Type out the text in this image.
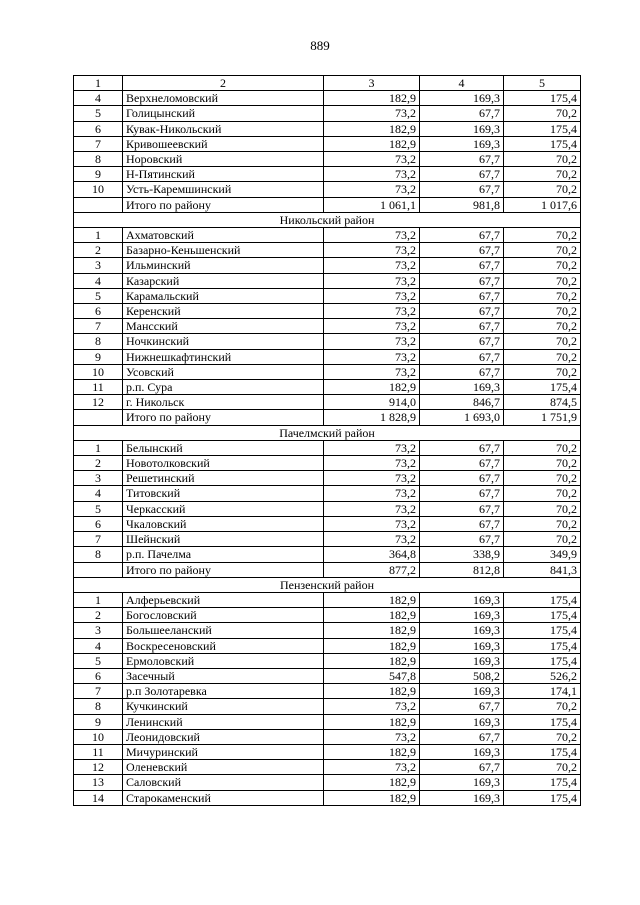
889
1	2	3	4	5
4	Верхнеломовский	182,9	169,3	175,4
5	Голицынский	73,2	67,7	70,2
6	Кувак-Никольский	182,9	169,3	175,4
7	Кривошеевский	182,9	169,3	175,4
8	Норовский	73,2	67,7	70,2
9	Н-Пятинский	73,2	67,7	70,2
10	Усть-Каремшинский	73,2	67,7	70,2
	Итого по району	1 061,1	981,8	1 017,6
Никольский район				
1	Ахматовский	73,2	67,7	70,2
2	Базарно-Кеньшенский	73,2	67,7	70,2
3	Ильминский	73,2	67,7	70,2
4	Казарский	73,2	67,7	70,2
5	Карамальский	73,2	67,7	70,2
6	Керенский	73,2	67,7	70,2
7	Мансский	73,2	67,7	70,2
8	Ночкинский	73,2	67,7	70,2
9	Нижнешкафтинский	73,2	67,7	70,2
10	Усовский	73,2	67,7	70,2
11	р.п. Сура	182,9	169,3	175,4
12	г. Никольск	914,0	846,7	874,5
	Итого по району	1 828,9	1 693,0	1 751,9
Пачелмский район				
1	Белынский	73,2	67,7	70,2
2	Новотолковский	73,2	67,7	70,2
3	Решетинский	73,2	67,7	70,2
4	Титовский	73,2	67,7	70,2
5	Черкасский	73,2	67,7	70,2
6	Чкаловский	73,2	67,7	70,2
7	Шейнский	73,2	67,7	70,2
8	р.п. Пачелма	364,8	338,9	349,9
	Итого по району	877,2	812,8	841,3
Пензенский район				
1	Алферьевский	182,9	169,3	175,4
2	Богословский	182,9	169,3	175,4
3	Большееланский	182,9	169,3	175,4
4	Воскресеновский	182,9	169,3	175,4
5	Ермоловский	182,9	169,3	175,4
6	Засечный	547,8	508,2	526,2
7	р.п Золотаревка	182,9	169,3	174,1
8	Кучкинский	73,2	67,7	70,2
9	Ленинский	182,9	169,3	175,4
10	Леонидовский	73,2	67,7	70,2
11	Мичуринский	182,9	169,3	175,4
12	Оленевский	73,2	67,7	70,2
13	Саловский	182,9	169,3	175,4
14	Старокаменский	182,9	169,3	175,4
